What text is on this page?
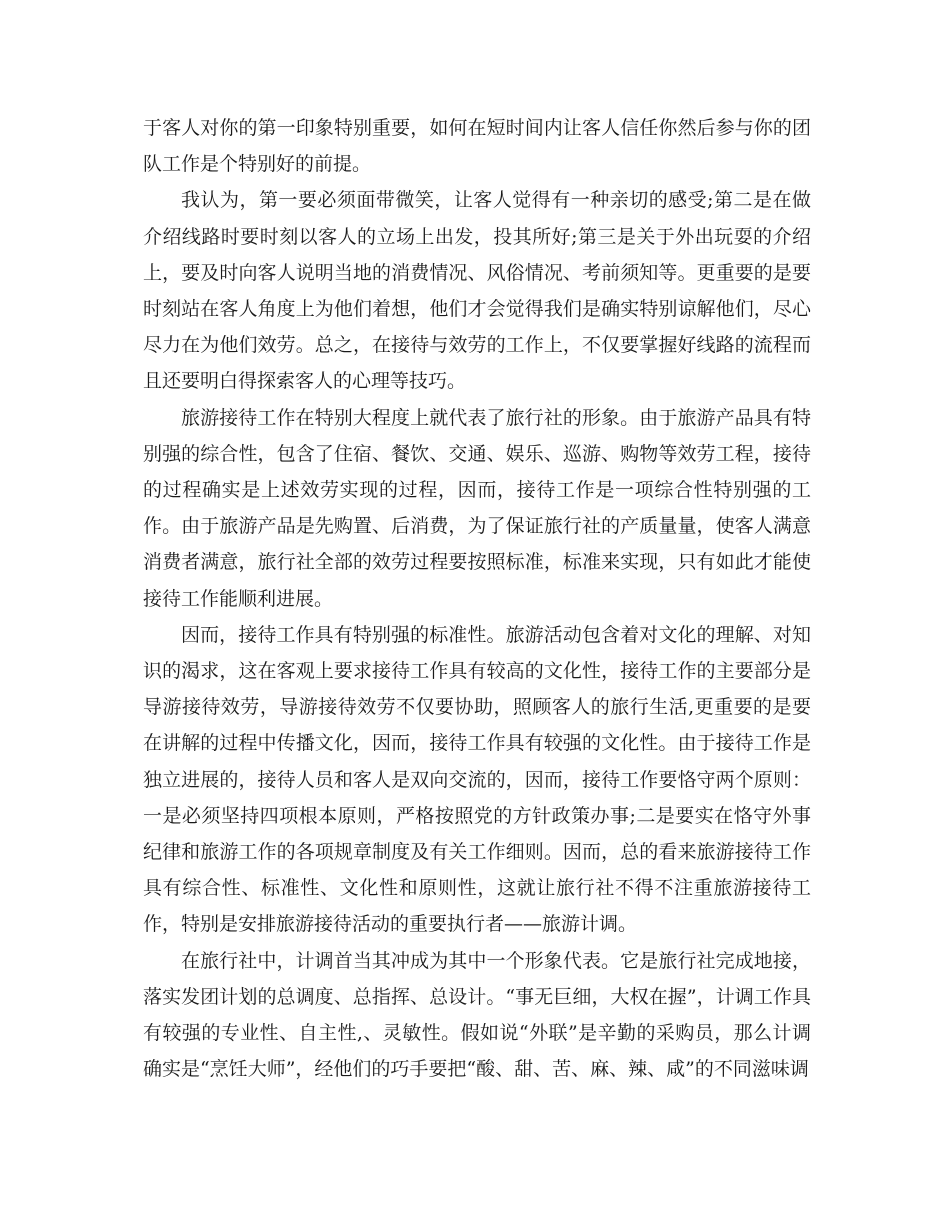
于客人对你的第一印象特别重要，如何在短时间内让客人信任你然后参与你的团队工作是个特别好的前提。

我认为，第一要必须面带微笑，让客人觉得有一种亲切的感受;第二是在做介绍线路时要时刻以客人的立场上出发，投其所好;第三是关于外出玩耍的介绍上，要及时向客人说明当地的消费情况、风俗情况、考前须知等。更重要的是要时刻站在客人角度上为他们着想，他们才会觉得我们是确实特别谅解他们，尽心尽力在为他们效劳。总之，在接待与效劳的工作上，不仅要掌握好线路的流程而且还要明白得探索客人的心理等技巧。

旅游接待工作在特别大程度上就代表了旅行社的形象。由于旅游产品具有特别强的综合性，包含了住宿、餐饮、交通、娱乐、巡游、购物等效劳工程，接待的过程确实是上述效劳实现的过程，因而，接待工作是一项综合性特别强的工作。由于旅游产品是先购置、后消费，为了保证旅行社的产质量量，使客人满意消费者满意，旅行社全部的效劳过程要按照标准，标准来实现，只有如此才能使接待工作能顺利进展。

因而，接待工作具有特别强的标准性。旅游活动包含着对文化的理解、对知识的渴求，这在客观上要求接待工作具有较高的文化性，接待工作的主要部分是导游接待效劳，导游接待效劳不仅要协助，照顾客人的旅行生活,更重要的是要在讲解的过程中传播文化，因而，接待工作具有较强的文化性。由于接待工作是独立进展的，接待人员和客人是双向交流的，因而，接待工作要恪守两个原则：一是必须坚持四项根本原则，严格按照党的方针政策办事;二是要实在恪守外事纪律和旅游工作的各项规章制度及有关工作细则。因而，总的看来旅游接待工作具有综合性、标准性、文化性和原则性，这就让旅行社不得不注重旅游接待工作，特别是安排旅游接待活动的重要执行者——旅游计调。

在旅行社中，计调首当其冲成为其中一个形象代表。它是旅行社完成地接，落实发团计划的总调度、总指挥、总设计。“事无巨细，大权在握”，计调工作具有较强的专业性、自主性,、灵敏性。假如说“外联”是辛勤的采购员，那么计调确实是“烹饪大师”，经他们的巧手要把“酸、甜、苦、麻、辣、咸”的不同滋味调
